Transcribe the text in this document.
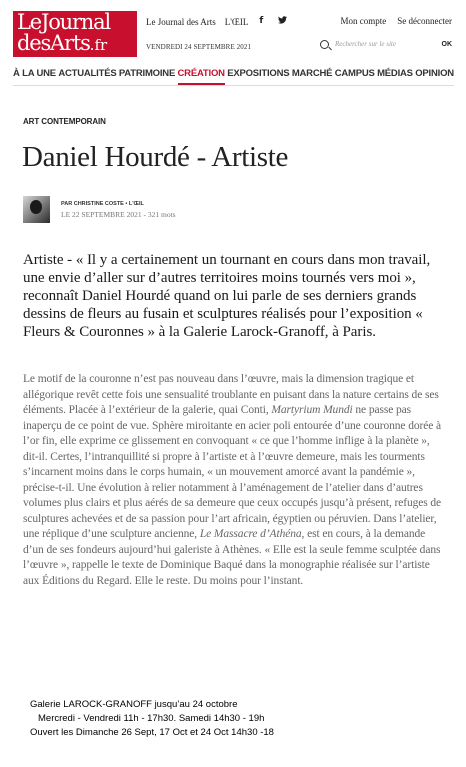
LeJournal
desArts.fr
Le Journal des Arts L'ŒIL f
VENDREDI 24 SEPTEMBRE 2021
Mon compte Se déconnecter
Rechercher sur le site	OK
À LA UNE ACTUALITÉS PATRIMOINE CRÉATION EXPOSITIONS MARCHÉ CAMPUS MÉDIAS OPINION
ART CONTEMPORAIN
Daniel Hourdé - Artiste
PAR CHRISTINE COSTE • L'ŒIL
LE 22 SEPTEMBRE 2021 - 321 mots

Artiste - « Il y a certainement un tournant en cours dans mon travail, une envie d’aller sur d’autres territoires moins tournés vers moi », reconnaît Daniel Hourdé quand on lui parle de ses derniers grands dessins de fleurs au fusain et sculptures réalisés pour l’exposition « Fleurs & Couronnes » à la Galerie Larock-Granoff, à Paris.

Le motif de la couronne n’est pas nouveau dans l’œuvre, mais la dimension tragique et allégorique revêt cette fois une sensualité troublante en puisant dans la nature certains de ses éléments. Placée à l’extérieur de la galerie, quai Conti, Martyrium Mundi ne passe pas inaperçu de ce point de vue. Sphère miroitante en acier poli entourée d’une couronne dorée à l’or fin, elle exprime ce glissement en convoquant « ce que l’homme inflige à la planète », dit-il. Certes, l’intranquillité si propre à l’artiste et à l’œuvre demeure, mais les tourments s’incarnent moins dans le corps humain, « un mouvement amorcé avant la pandémie », précise-t-il. Une évolution à relier notamment à l’aménagement de l’atelier dans d’autres volumes plus clairs et plus aérés de sa demeure que ceux occupés jusqu’à présent, refuges de sculptures achevées et de sa passion pour l’art africain, égyptien ou péruvien. Dans l’atelier, une réplique d’une sculpture ancienne, Le Massacre d’Athéna, est en cours, à la demande d’un de ses fondeurs aujourd’hui galeriste à Athènes. « Elle est la seule femme sculptée dans l’œuvre », rappelle le texte de Dominique Baqué dans la monographie réalisée sur l’artiste aux Éditions du Regard. Elle le reste. Du moins pour l’instant.

Galerie LAROCK-GRANOFF jusqu’au 24 octobre
Mercredi - Vendredi 11h - 17h30. Samedi 14h30 - 19h
Ouvert les Dimanche 26 Sept, 17 Oct et 24 Oct 14h30 -18
